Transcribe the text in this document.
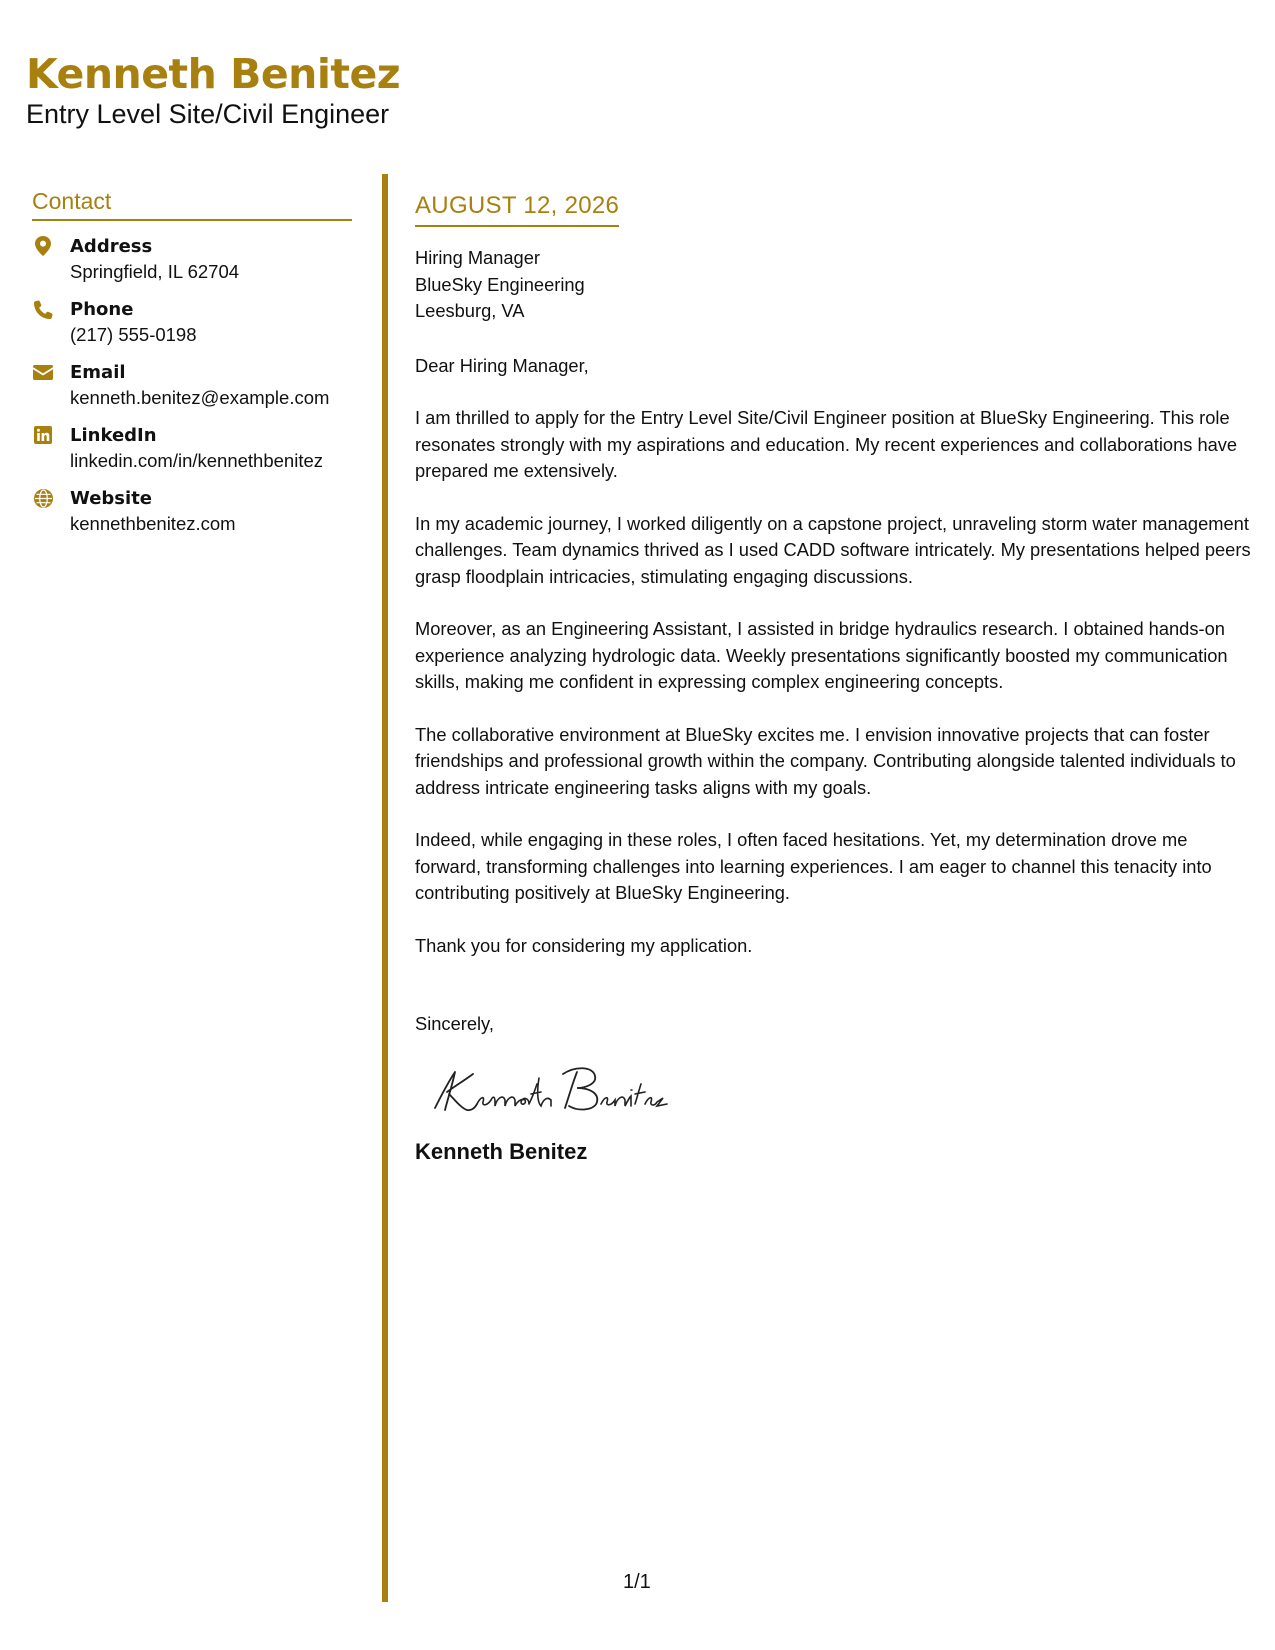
Kenneth Benitez
Entry Level Site/Civil Engineer
Contact
Address
Springfield, IL 62704
Phone
(217) 555-0198
Email
kenneth.benitez@example.com
LinkedIn
linkedin.com/in/kennethbenitez
Website
kennethbenitez.com
AUGUST 12, 2026
Hiring Manager
BlueSky Engineering
Leesburg, VA
Dear Hiring Manager,
I am thrilled to apply for the Entry Level Site/Civil Engineer position at BlueSky Engineering. This role resonates strongly with my aspirations and education. My recent experiences and collaborations have prepared me extensively.
In my academic journey, I worked diligently on a capstone project, unraveling storm water management challenges. Team dynamics thrived as I used CADD software intricately. My presentations helped peers grasp floodplain intricacies, stimulating engaging discussions.
Moreover, as an Engineering Assistant, I assisted in bridge hydraulics research. I obtained hands-on experience analyzing hydrologic data. Weekly presentations significantly boosted my communication skills, making me confident in expressing complex engineering concepts.
The collaborative environment at BlueSky excites me. I envision innovative projects that can foster friendships and professional growth within the company. Contributing alongside talented individuals to address intricate engineering tasks aligns with my goals.
Indeed, while engaging in these roles, I often faced hesitations. Yet, my determination drove me forward, transforming challenges into learning experiences. I am eager to channel this tenacity into contributing positively at BlueSky Engineering.
Thank you for considering my application.
Sincerely,
Kenneth Benitez
1/1
